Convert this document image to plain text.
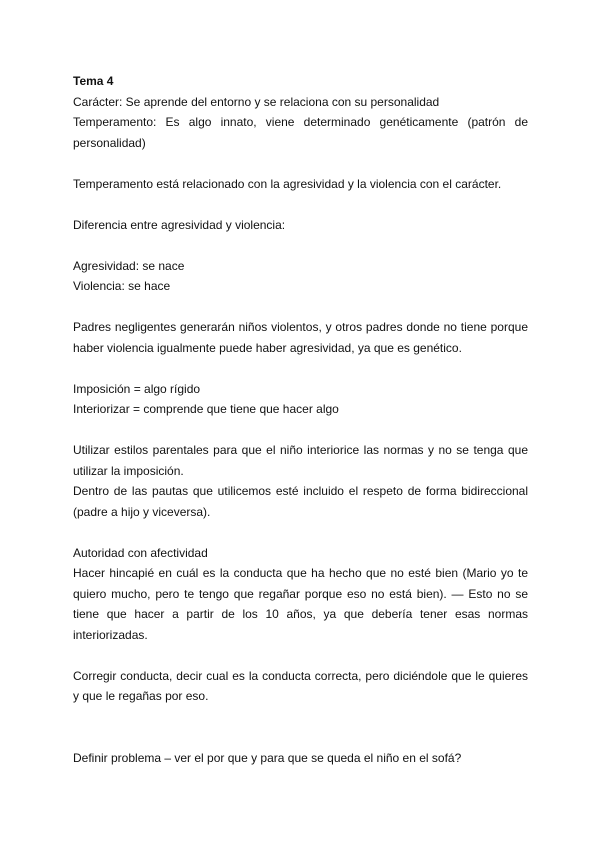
Tema 4
Carácter: Se aprende del entorno y se relaciona con su personalidad
Temperamento: Es algo innato, viene determinado genéticamente (patrón de
personalidad)
Temperamento está relacionado con la agresividad y la violencia con el carácter.
Diferencia entre agresividad y violencia:
Agresividad: se nace
Violencia: se hace
Padres negligentes generarán niños violentos, y otros padres donde no tiene porque
haber violencia igualmente puede haber agresividad, ya que es genético.
Imposición = algo rígido
Interiorizar = comprende que tiene que hacer algo
Utilizar estilos parentales para que el niño interiorice las normas y no se tenga que
utilizar la imposición.
Dentro de las pautas que utilicemos esté incluido el respeto de forma bidireccional
(padre a hijo y viceversa).
Autoridad con afectividad
Hacer hincapié en cuál es la conducta que ha hecho que no esté bien (Mario yo te
quiero mucho, pero te tengo que regañar porque eso no está bien). — Esto no se
tiene que hacer a partir de los 10 años, ya que debería tener esas normas
interiorizadas.
Corregir conducta, decir cual es la conducta correcta, pero diciéndole que le quieres
y que le regañas por eso.
Definir problema – ver el por que y para que se queda el niño en el sofá?
